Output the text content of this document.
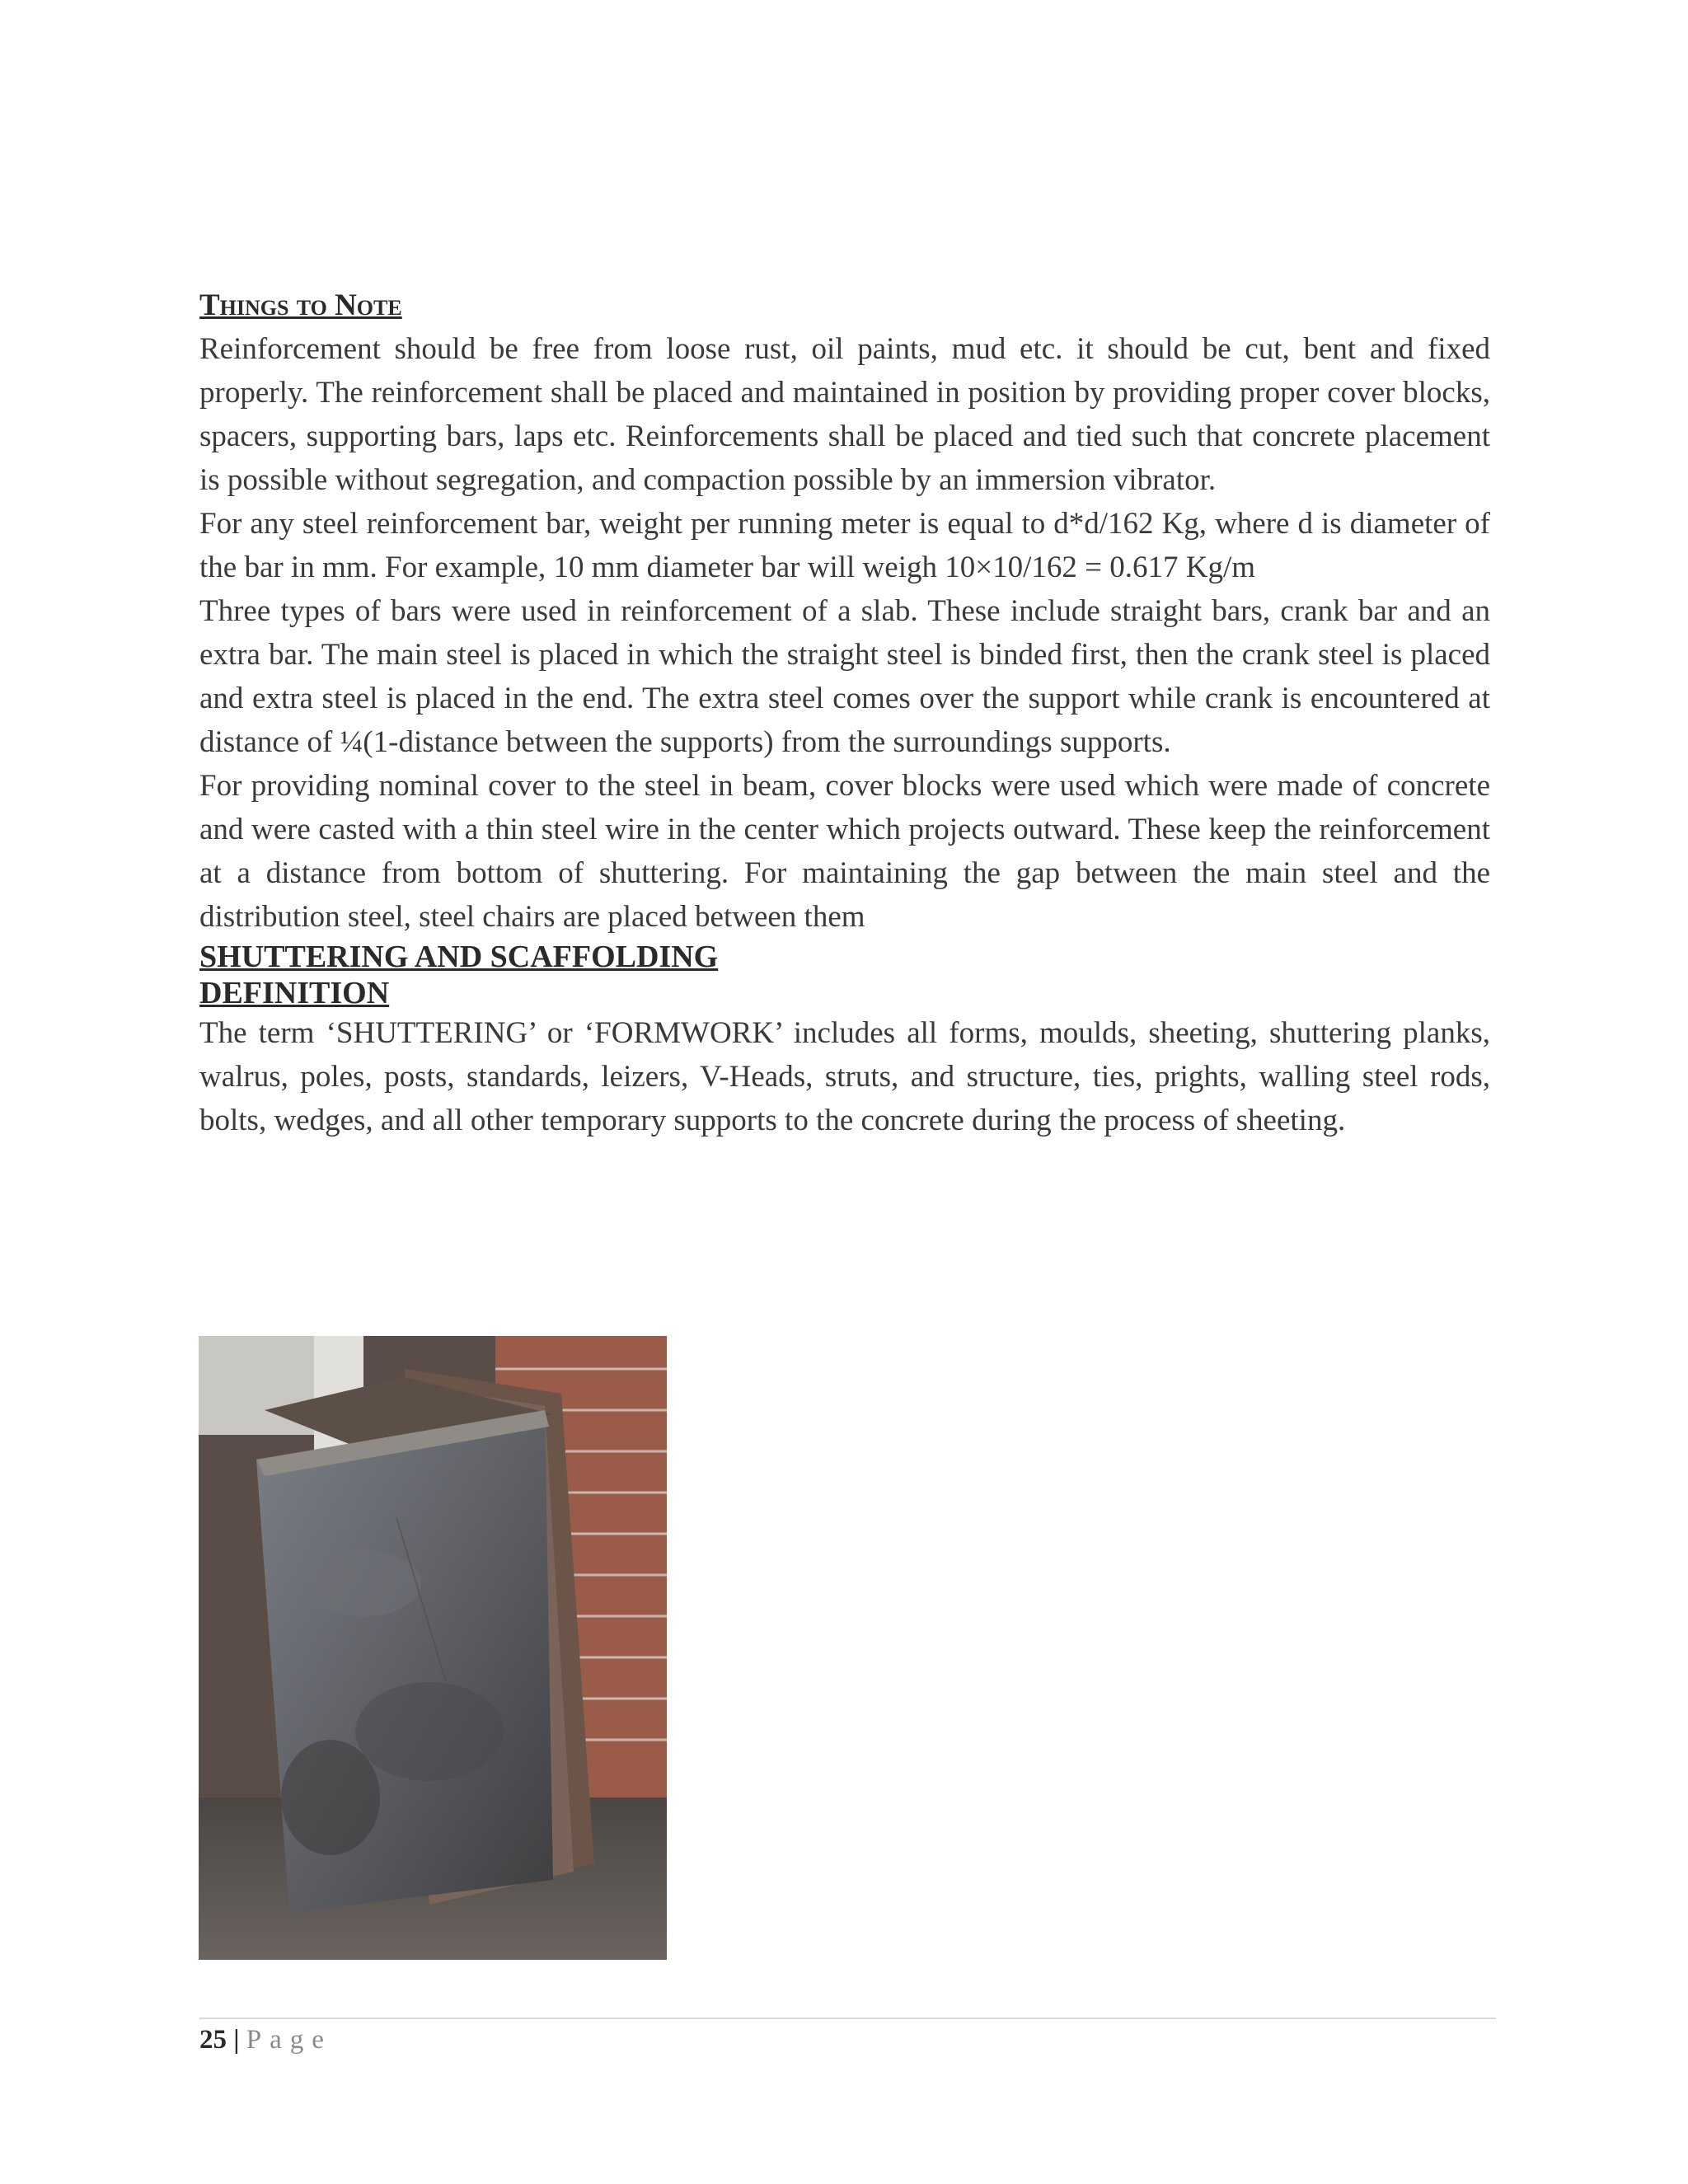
Things to Note

Reinforcement should be free from loose rust, oil paints, mud etc. it should be cut, bent and fixed properly. The reinforcement shall be placed and maintained in position by providing proper cover blocks, spacers, supporting bars, laps etc. Reinforcements shall be placed and tied such that concrete placement is possible without segregation, and compaction possible by an immersion vibrator.

For any steel reinforcement bar, weight per running meter is equal to d*d/162 Kg, where d is diameter of the bar in mm. For example, 10 mm diameter bar will weigh 10×10/162 = 0.617 Kg/m

Three types of bars were used in reinforcement of a slab. These include straight bars, crank bar and an extra bar. The main steel is placed in which the straight steel is binded first, then the crank steel is placed and extra steel is placed in the end. The extra steel comes over the support while crank is encountered at distance of ¼(1-distance between the supports) from the surroundings supports.

For providing nominal cover to the steel in beam, cover blocks were used which were made of concrete and were casted with a thin steel wire in the center which projects outward. These keep the reinforcement at a distance from bottom of shuttering. For maintaining the gap between the main steel and the distribution steel, steel chairs are placed between them

SHUTTERING AND SCAFFOLDING
DEFINITION

The term ‘SHUTTERING’ or ‘FORMWORK’ includes all forms, moulds, sheeting, shuttering planks, walrus, poles, posts, standards, leizers, V-Heads, struts, and structure, ties, prights, walling steel rods, bolts, wedges, and all other temporary supports to the concrete during the process of sheeting.

25 | Page
